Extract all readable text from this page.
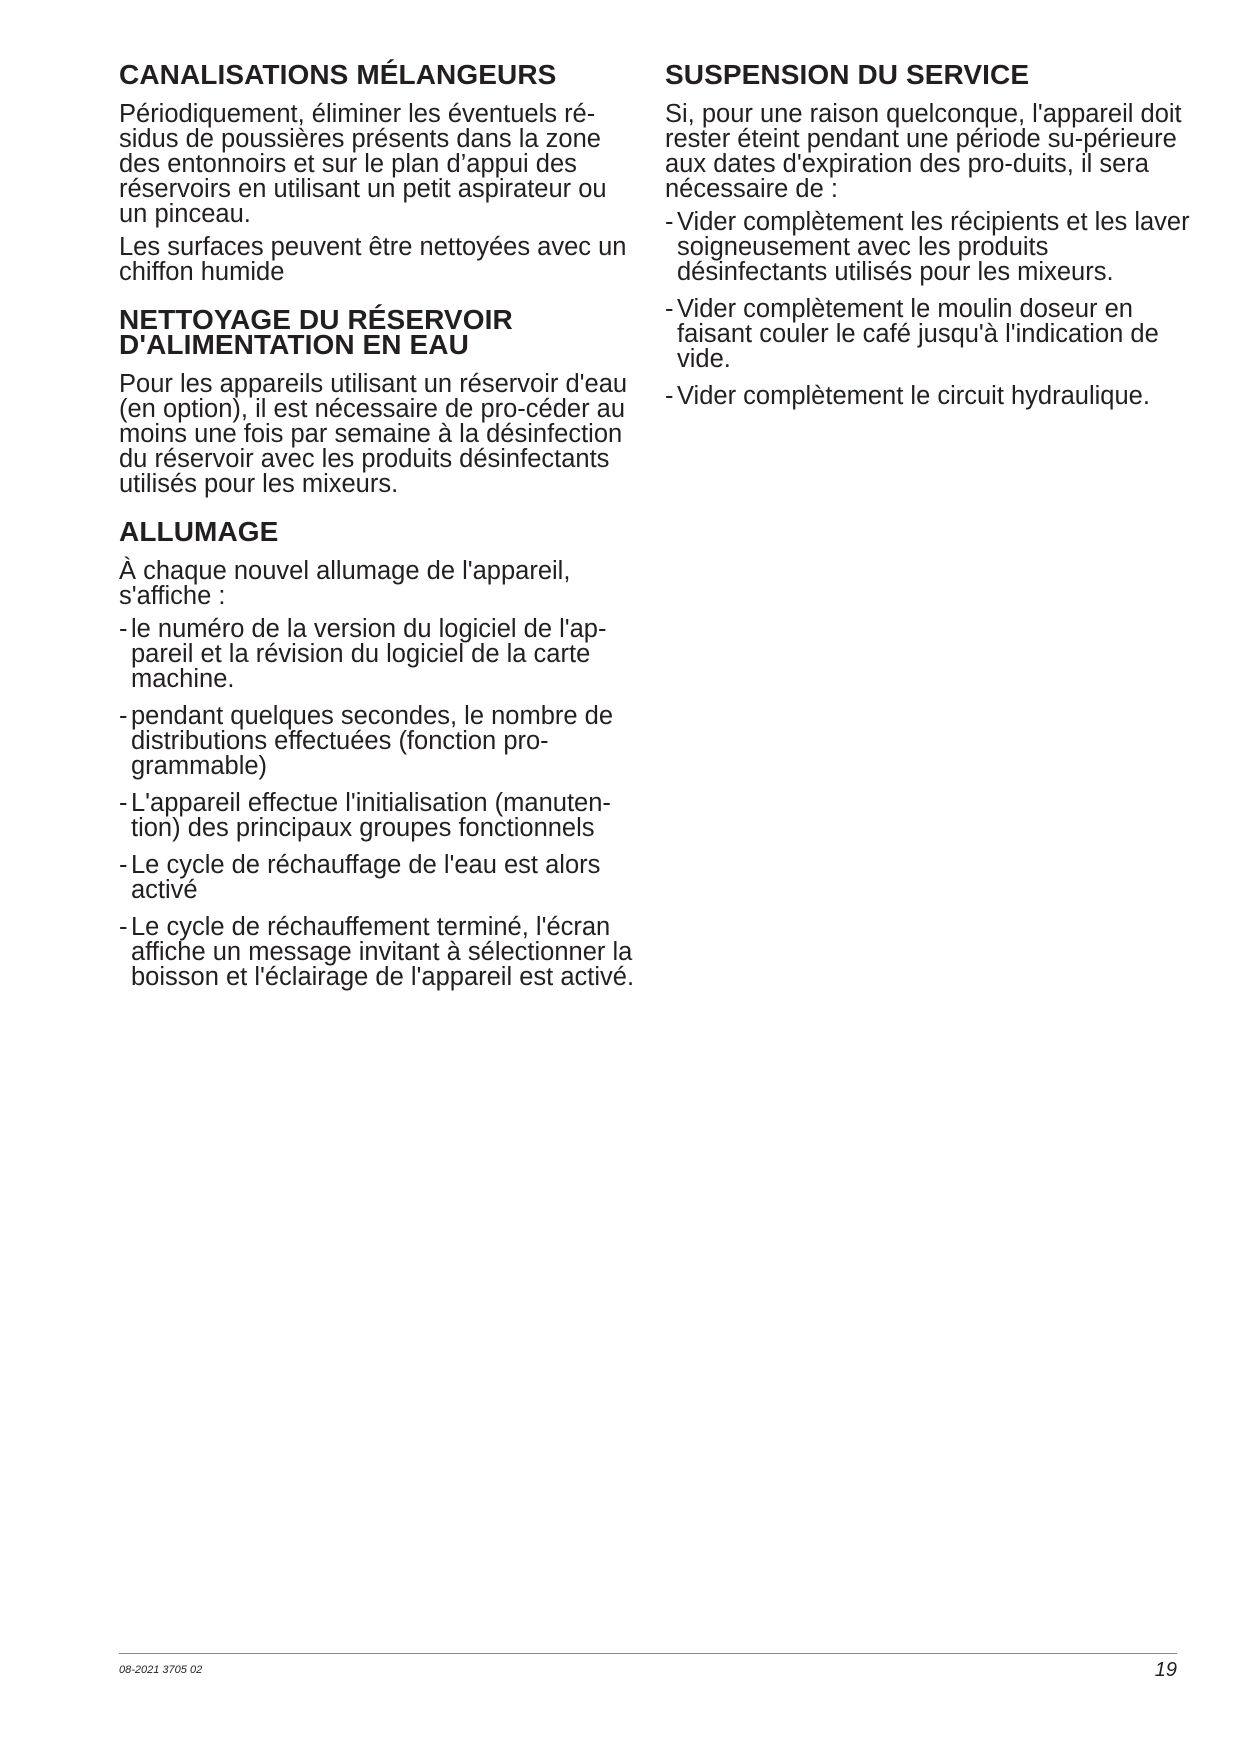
CANALISATIONS MÉLANGEURS

Périodiquement, éliminer les éventuels ré-sidus de poussières présents dans la zone des entonnoirs et sur le plan d’appui des réservoirs en utilisant un petit aspirateur ou un pinceau.

Les surfaces peuvent être nettoyées avec un chiffon humide

NETTOYAGE DU RÉSERVOIR D'ALIMENTATION EN EAU

Pour les appareils utilisant un réservoir d'eau (en option), il est nécessaire de pro-céder au moins une fois par semaine à la désinfection du réservoir avec les produits désinfectants utilisés pour les mixeurs.

ALLUMAGE

À chaque nouvel allumage de l'appareil, s'affiche :

- le numéro de la version du logiciel de l'ap-pareil et la révision du logiciel de la carte machine.
- pendant quelques secondes, le nombre de distributions effectuées (fonction pro-grammable)
- L'appareil effectue l'initialisation (manuten-tion) des principaux groupes fonctionnels
- Le cycle de réchauffage de l'eau est alors activé
- Le cycle de réchauffement terminé, l'écran affiche un message invitant à sélectionner la boisson et l'éclairage de l'appareil est activé.
SUSPENSION DU SERVICE

Si, pour une raison quelconque, l'appareil doit rester éteint pendant une période su-périeure aux dates d'expiration des pro-duits, il sera nécessaire de :

- Vider complètement les récipients et les laver soigneusement avec les produits désinfectants utilisés pour les mixeurs.
- Vider complètement le moulin doseur en faisant couler le café jusqu'à l'indication de vide.
- Vider complètement le circuit hydraulique.
08-2021 3705 02	19
